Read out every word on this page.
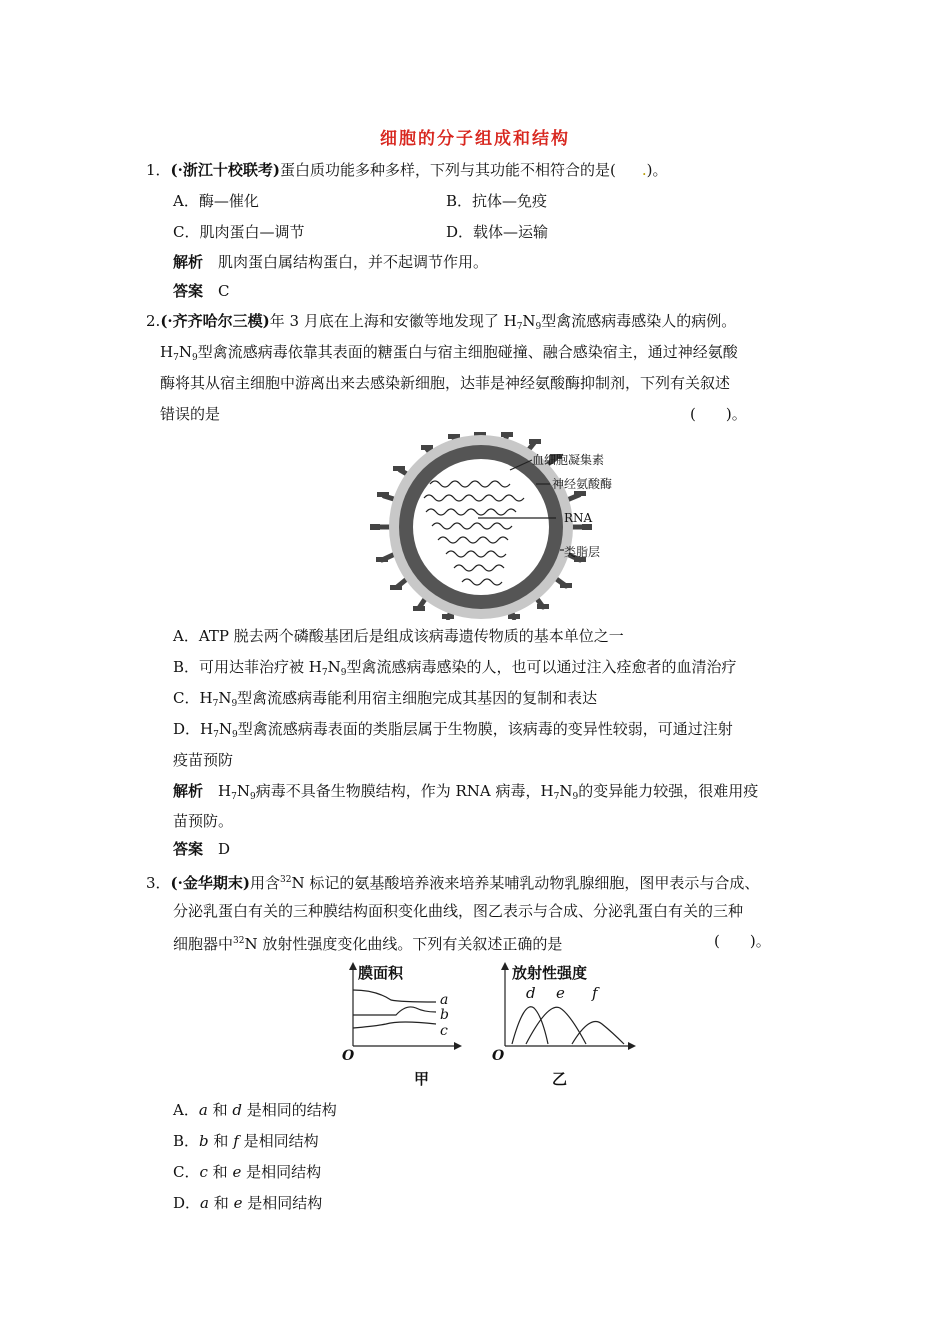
细胞的分子组成和结构
1．(·浙江十校联考)蛋白质功能多种多样，下列与其功能不相符合的是( .)。
A．酶—催化	B．抗体—免疫
C．肌肉蛋白—调节	D．载体—运输
解析　 肌肉蛋白属结构蛋白，并不起调节作用。
答案　 C
2.(·齐齐哈尔三模)年 3 月底在上海和安徽等地发现了 $H_7N_9$型禽流感病毒感染人的病例。
$H_7N_9$型禽流感病毒依靠其表面的糖蛋白与宿主细胞碰撞、融合感染宿主，通过神经氨酸
酶将其从宿主细胞中游离出来去感染新细胞，达菲是神经氨酸酶抑制剂，下列有关叙述
错误的是	(　　)。
血细胞凝集素
神经氨酸酶
RNA
类脂层
A．ATP 脱去两个磷酸基团后是组成该病毒遗传物质的基本单位之一
B．可用达菲治疗被 $H_7N_9$型禽流感病毒感染的人，也可以通过注入痊愈者的血清治疗
C．$H_7N_9$型禽流感病毒能利用宿主细胞完成其基因的复制和表达
D．$H_7N_9$型禽流感病毒表面的类脂层属于生物膜，该病毒的变异性较弱，可通过注射
疫苗预防
解析　$H_7N_9$病毒不具备生物膜结构，作为 RNA 病毒，$H_7N_9$的变异能力较强，很难用疫
苗预防。
答案　 D
3．(·金华期末)用含$^{32}$N 标记的氨基酸培养液来培养某哺乳动物乳腺细胞，图甲表示与合成、
分泌乳蛋白有关的三种膜结构面积变化曲线，图乙表示与合成、分泌乳蛋白有关的三种
细胞器中$^{32}$N 放射性强度变化曲线。下列有关叙述正确的是	(　　)。
膜面积
a
b
c
O
甲
放射性强度
d e f
O
乙
A．a 和 d 是相同的结构
B．b 和 f 是相同结构
C．c 和 e 是相同结构
D．a 和 e 是相同结构
